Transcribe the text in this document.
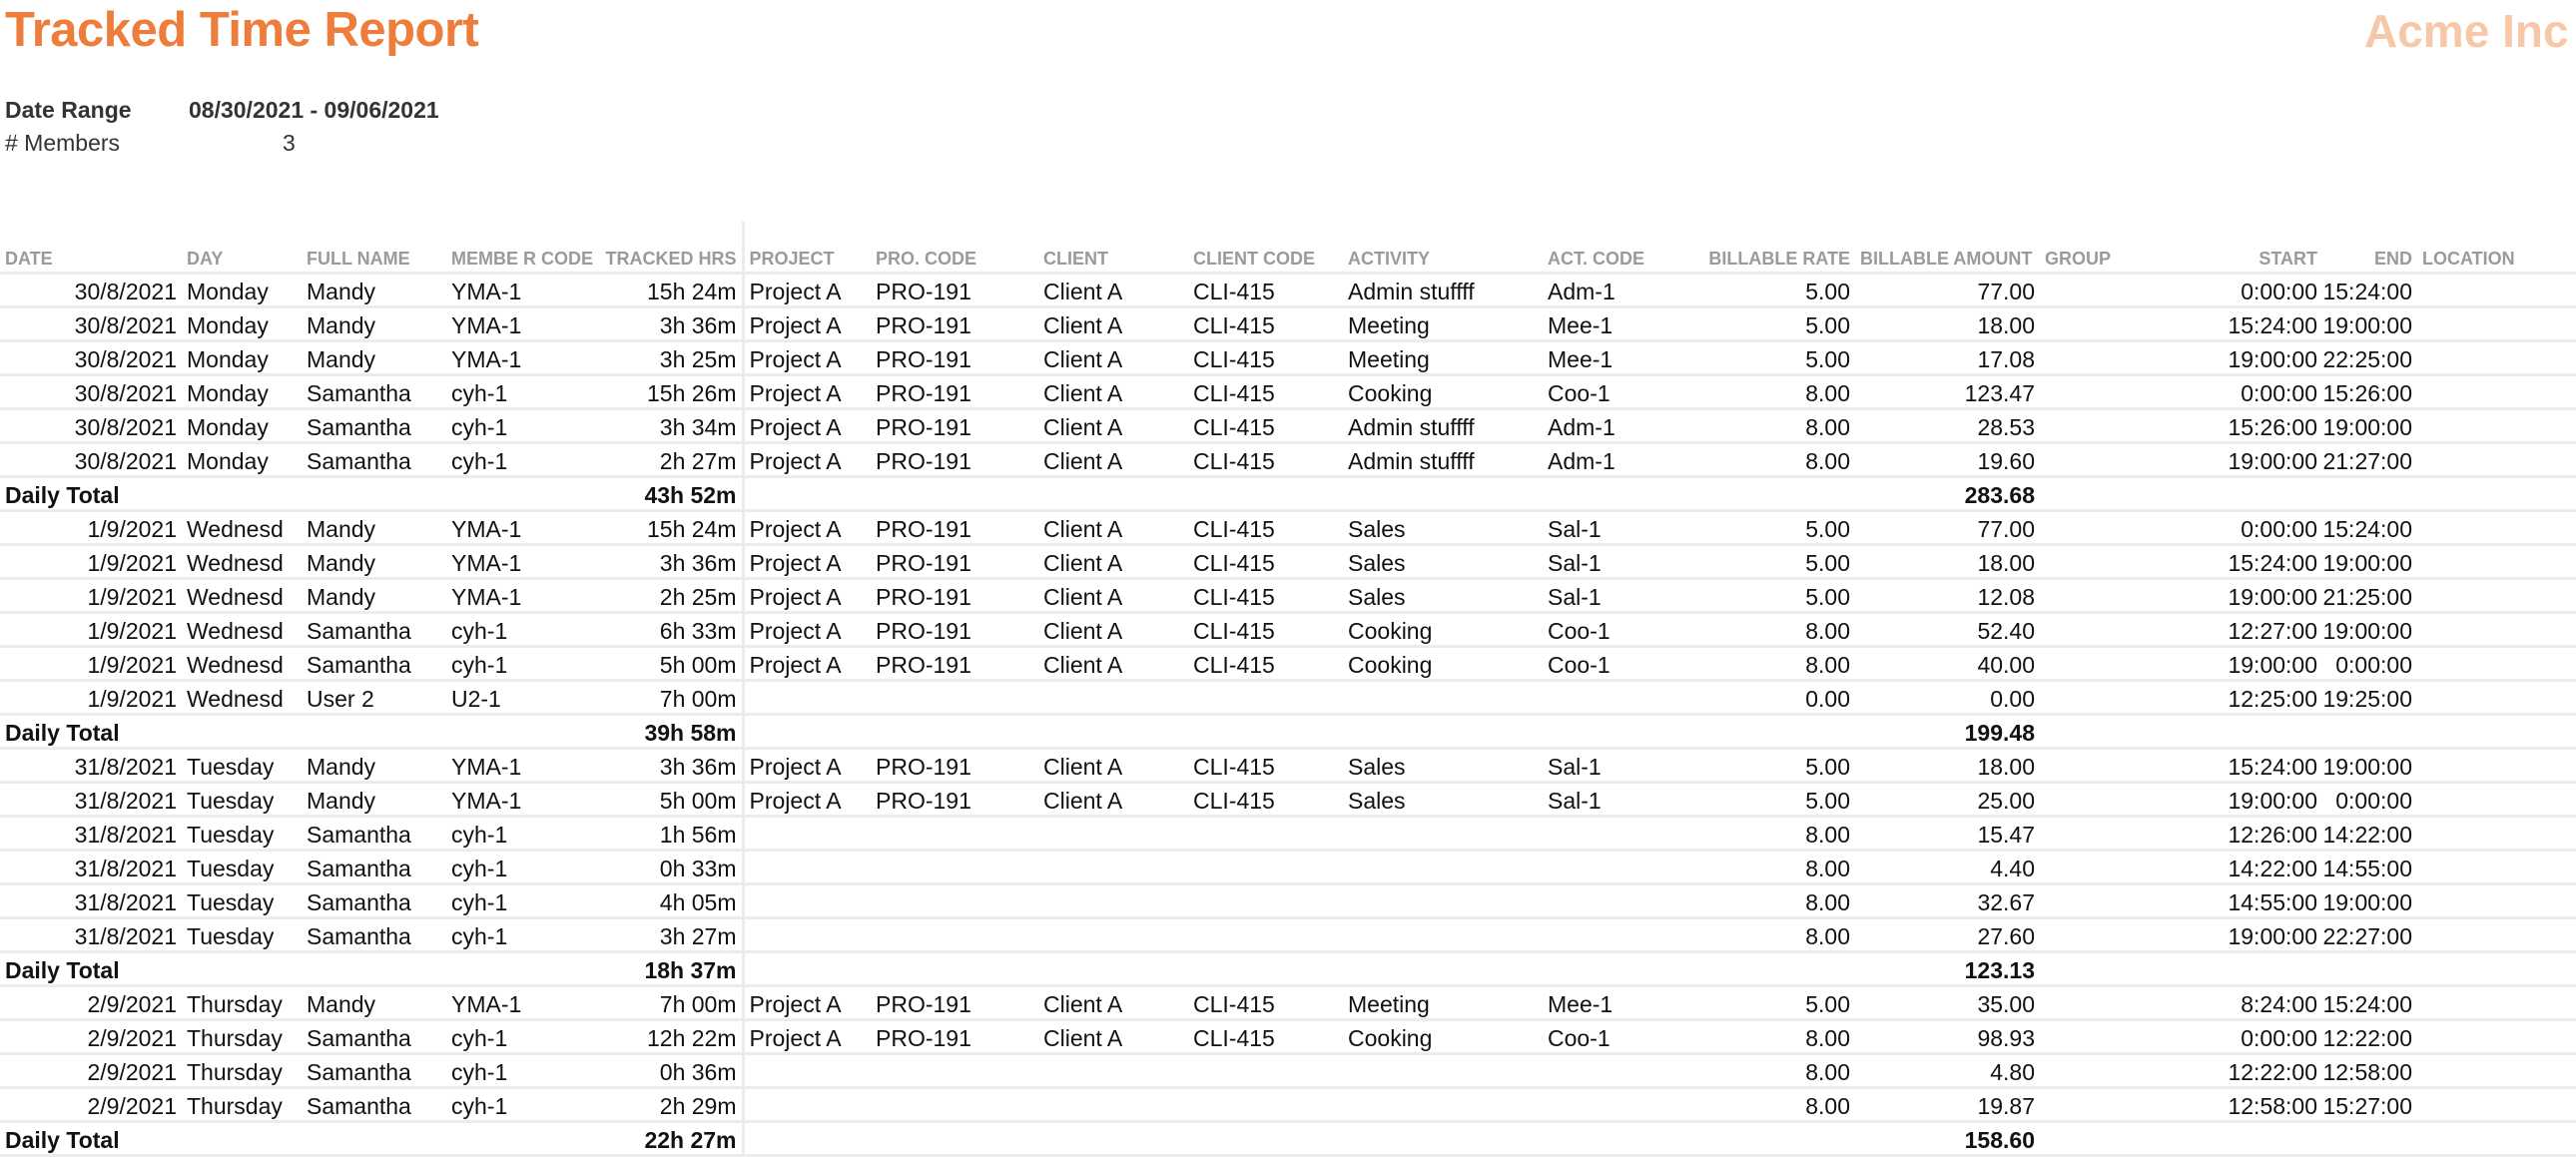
Tracked Time Report	Acme Inc
Date Range 08/30/2021 - 09/06/2021
# Members	3
DATE	DAY	FULL NAME	MEMBE R CODE	TRACKED HRS	PROJECT	PRO. CODE	CLIENT	CLIENT CODE	ACTIVITY	ACT. CODE	BILLABLE RATE	BILLABLE AMOUNT	GROUP	START	END	LOCATION
30/8/2021	Monday	Mandy	YMA-1	15h 24m	Project A	PRO-191	Client A	CLI-415	Admin stuffff	Adm-1	5.00	77.00		0:00:00	15:24:00	
30/8/2021	Monday	Mandy	YMA-1	3h 36m	Project A	PRO-191	Client A	CLI-415	Meeting	Mee-1	5.00	18.00		15:24:00	19:00:00	
30/8/2021	Monday	Mandy	YMA-1	3h 25m	Project A	PRO-191	Client A	CLI-415	Meeting	Mee-1	5.00	17.08		19:00:00	22:25:00	
30/8/2021	Monday	Samantha	cyh-1	15h 26m	Project A	PRO-191	Client A	CLI-415	Cooking	Coo-1	8.00	123.47		0:00:00	15:26:00	
30/8/2021	Monday	Samantha	cyh-1	3h 34m	Project A	PRO-191	Client A	CLI-415	Admin stuffff	Adm-1	8.00	28.53		15:26:00	19:00:00	
30/8/2021	Monday	Samantha	cyh-1	2h 27m	Project A	PRO-191	Client A	CLI-415	Admin stuffff	Adm-1	8.00	19.60		19:00:00	21:27:00	
Daily Total				43h 52m								283.68				
1/9/2021	Wednesd	Mandy	YMA-1	15h 24m	Project A	PRO-191	Client A	CLI-415	Sales	Sal-1	5.00	77.00		0:00:00	15:24:00	
1/9/2021	Wednesd	Mandy	YMA-1	3h 36m	Project A	PRO-191	Client A	CLI-415	Sales	Sal-1	5.00	18.00		15:24:00	19:00:00	
1/9/2021	Wednesd	Mandy	YMA-1	2h 25m	Project A	PRO-191	Client A	CLI-415	Sales	Sal-1	5.00	12.08		19:00:00	21:25:00	
1/9/2021	Wednesd	Samantha	cyh-1	6h 33m	Project A	PRO-191	Client A	CLI-415	Cooking	Coo-1	8.00	52.40		12:27:00	19:00:00	
1/9/2021	Wednesd	Samantha	cyh-1	5h 00m	Project A	PRO-191	Client A	CLI-415	Cooking	Coo-1	8.00	40.00		19:00:00	0:00:00	
1/9/2021	Wednesd	User 2	U2-1	7h 00m							0.00	0.00		12:25:00	19:25:00	
Daily Total				39h 58m								199.48				
31/8/2021	Tuesday	Mandy	YMA-1	3h 36m	Project A	PRO-191	Client A	CLI-415	Sales	Sal-1	5.00	18.00		15:24:00	19:00:00	
31/8/2021	Tuesday	Mandy	YMA-1	5h 00m	Project A	PRO-191	Client A	CLI-415	Sales	Sal-1	5.00	25.00		19:00:00	0:00:00	
31/8/2021	Tuesday	Samantha	cyh-1	1h 56m							8.00	15.47		12:26:00	14:22:00	
31/8/2021	Tuesday	Samantha	cyh-1	0h 33m							8.00	4.40		14:22:00	14:55:00	
31/8/2021	Tuesday	Samantha	cyh-1	4h 05m							8.00	32.67		14:55:00	19:00:00	
31/8/2021	Tuesday	Samantha	cyh-1	3h 27m							8.00	27.60		19:00:00	22:27:00	
Daily Total				18h 37m								123.13				
2/9/2021	Thursday	Mandy	YMA-1	7h 00m	Project A	PRO-191	Client A	CLI-415	Meeting	Mee-1	5.00	35.00		8:24:00	15:24:00	
2/9/2021	Thursday	Samantha	cyh-1	12h 22m	Project A	PRO-191	Client A	CLI-415	Cooking	Coo-1	8.00	98.93		0:00:00	12:22:00	
2/9/2021	Thursday	Samantha	cyh-1	0h 36m							8.00	4.80		12:22:00	12:58:00	
2/9/2021	Thursday	Samantha	cyh-1	2h 29m							8.00	19.87		12:58:00	15:27:00	
Daily Total				22h 27m								158.60				
